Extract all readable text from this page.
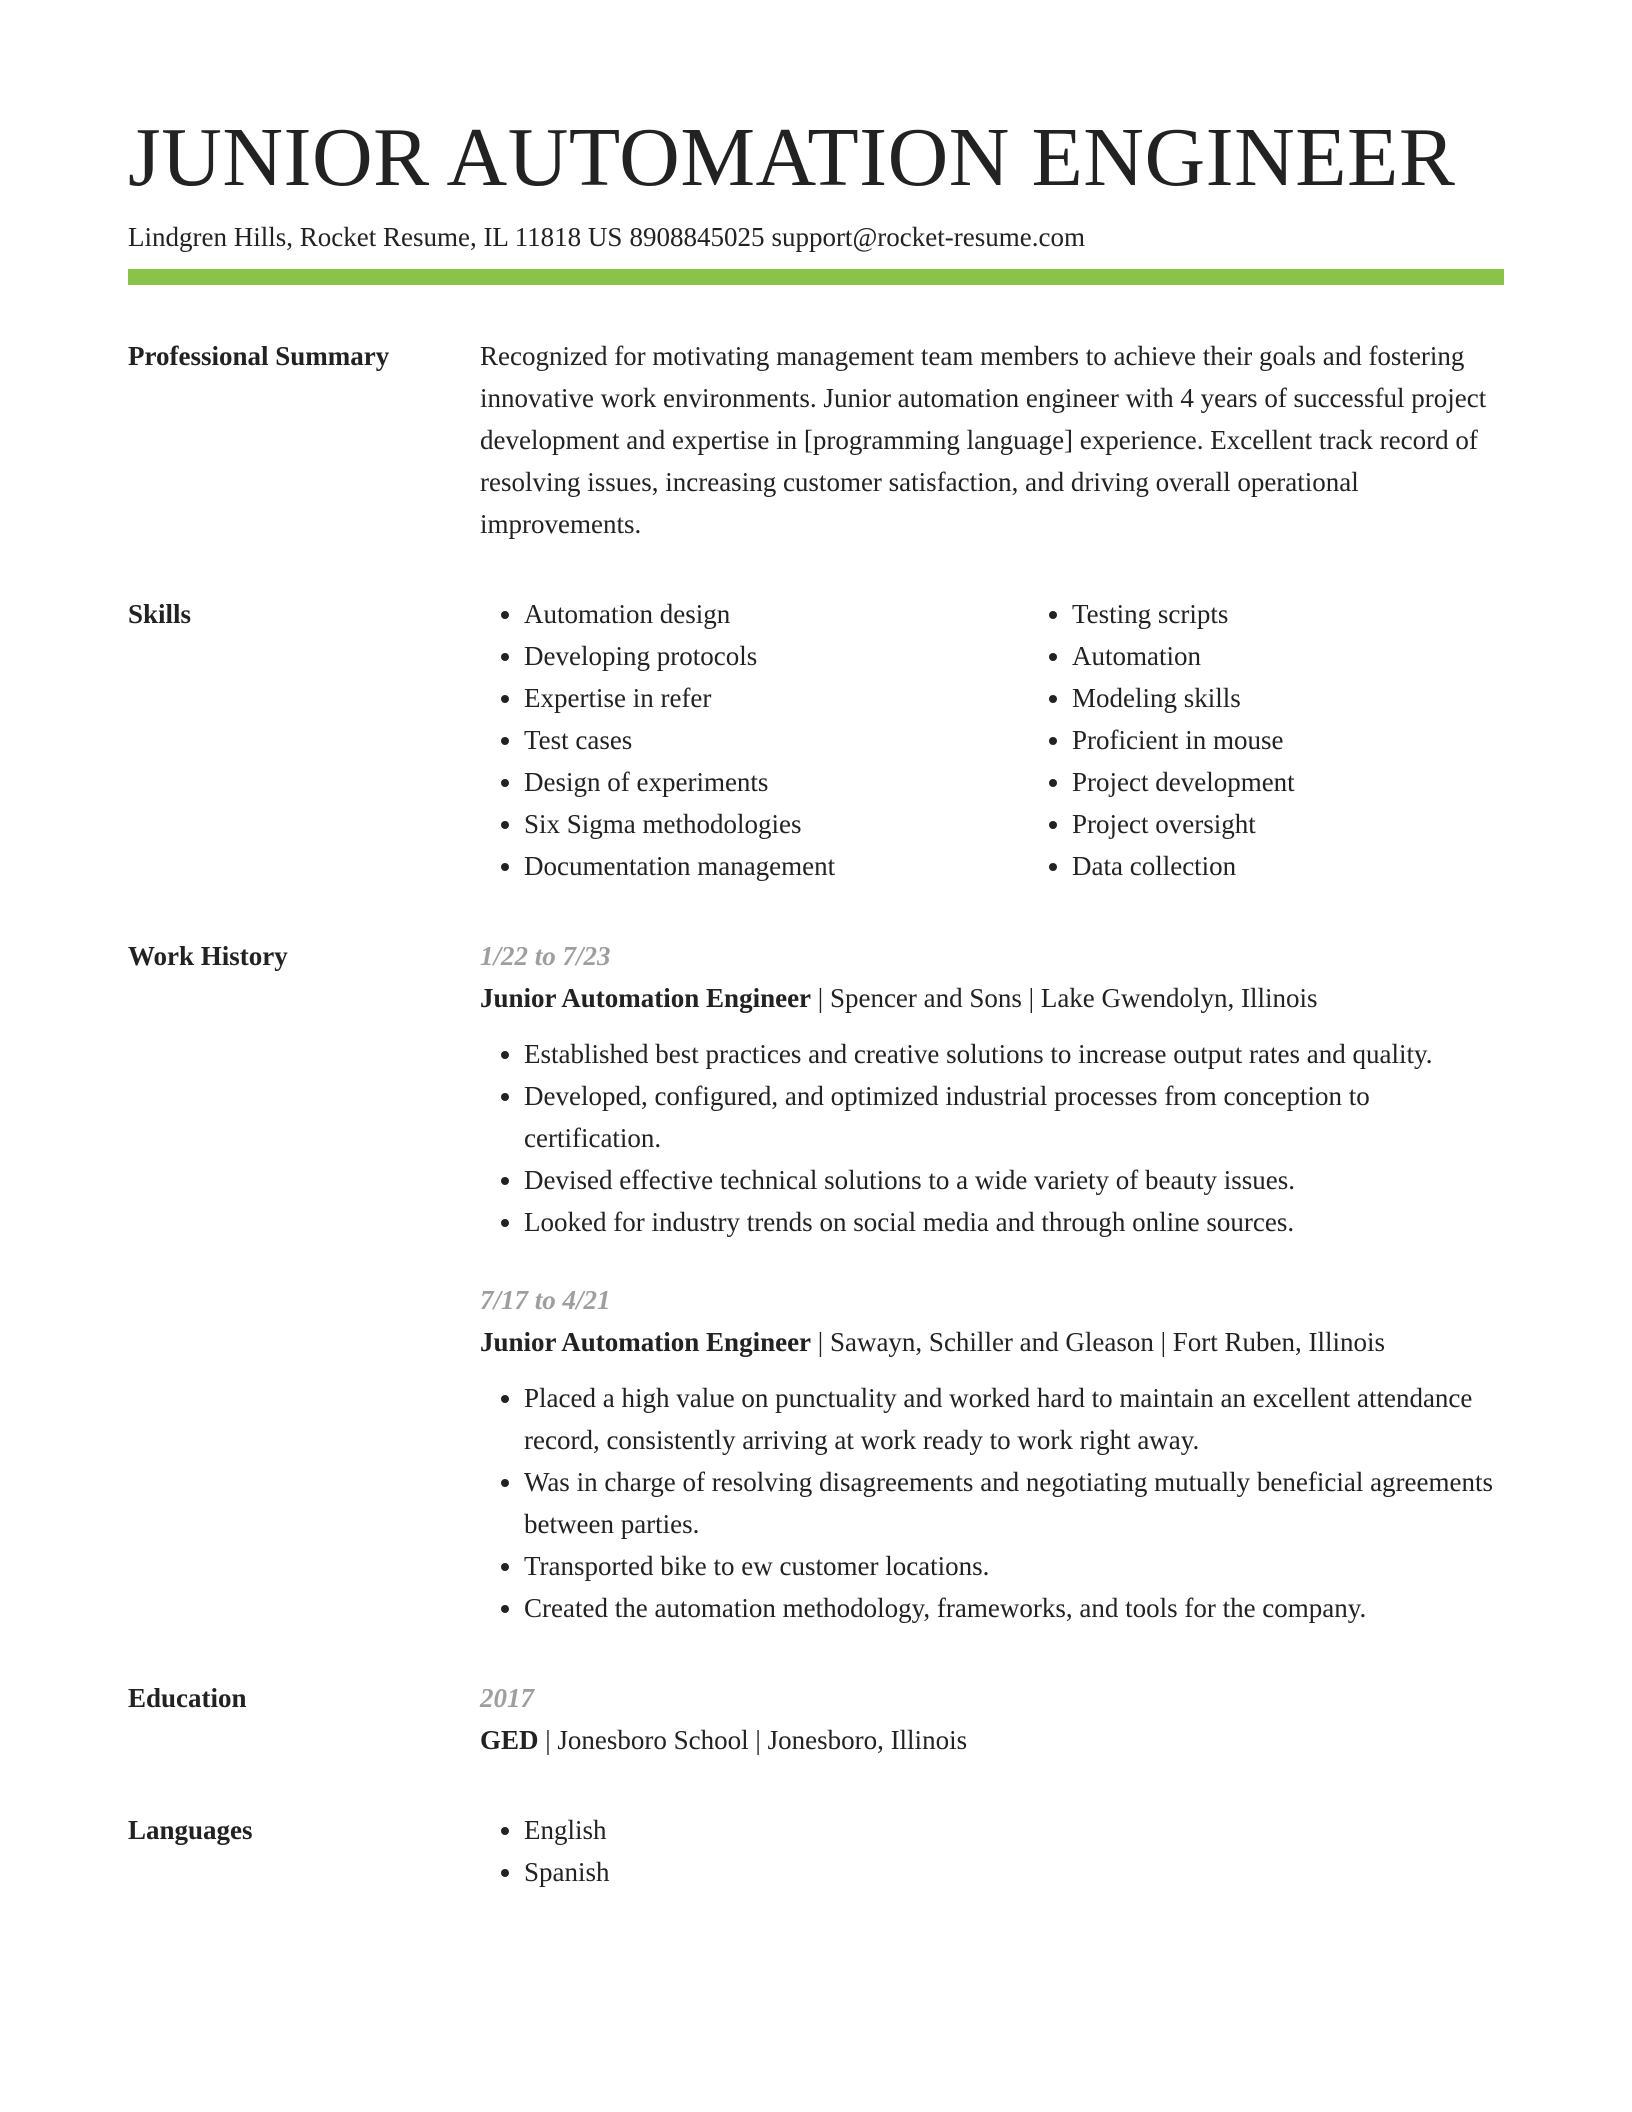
JUNIOR AUTOMATION ENGINEER
Lindgren Hills, Rocket Resume, IL 11818 US 8908845025 support@rocket-resume.com
Professional Summary	Recognized for motivating management team members to achieve their goals and fostering innovative work environments. Junior automation engineer with 4 years of successful project development and expertise in [programming language] experience. Excellent track record of resolving issues, increasing customer satisfaction, and driving overall operational improvements.

Skills	• Automation design
• Developing protocols
• Expertise in refer
• Test cases
• Design of experiments
• Six Sigma methodologies
• Documentation management
• Testing scripts
• Automation
• Modeling skills
• Proficient in mouse
• Project development
• Project oversight
• Data collection
Work History	1/22 to 7/23
Junior Automation Engineer | Spencer and Sons | Lake Gwendolyn, Illinois
• Established best practices and creative solutions to increase output rates and quality.
• Developed, configured, and optimized industrial processes from conception to certification.
• Devised effective technical solutions to a wide variety of beauty issues.
• Looked for industry trends on social media and through online sources.
7/17 to 4/21
Junior Automation Engineer | Sawayn, Schiller and Gleason | Fort Ruben, Illinois
• Placed a high value on punctuality and worked hard to maintain an excellent attendance record, consistently arriving at work ready to work right away.
• Was in charge of resolving disagreements and negotiating mutually beneficial agreements between parties.
• Transported bike to ew customer locations.
• Created the automation methodology, frameworks, and tools for the company.
Education	2017
GED | Jonesboro School | Jonesboro, Illinois
Languages	• English
• Spanish
